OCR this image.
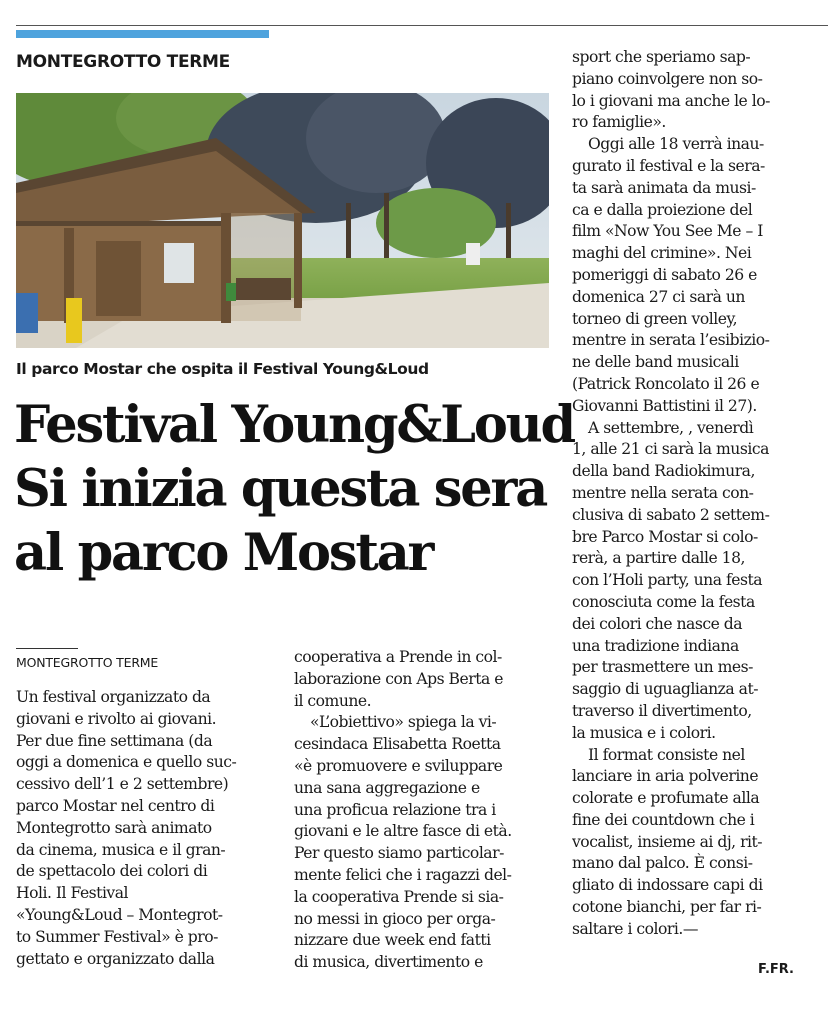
MONTEGROTTO TERME
Il parco Mostar che ospita il Festival Young&Loud
Festival Young&Loud
Si inizia questa sera
al parco Mostar
MONTEGROTTO TERME
Un festival organizzato da
giovani e rivolto ai giovani.
Per due fine settimana (da
oggi a domenica e quello suc-
cessivo dell’1 e 2 settembre)
parco Mostar nel centro di
Montegrotto sarà animato
da cinema, musica e il gran-
de spettacolo dei colori di
Holi. Il Festival
«Young&Loud – Montegrot-
to Summer Festival» è pro-
gettato e organizzato dalla
cooperativa a Prende in col-
laborazione con Aps Berta e
il comune.
«L’obiettivo» spiega la vi-
cesindaca Elisabetta Roetta
«è promuovere e sviluppare
una sana aggregazione e
una proficua relazione tra i
giovani e le altre fasce di età.
Per questo siamo particolar-
mente felici che i ragazzi del-
la cooperativa Prende si sia-
no messi in gioco per orga-
nizzare due week end fatti
di musica, divertimento e
sport che speriamo sap-
piano coinvolgere non so-
lo i giovani ma anche le lo-
ro famiglie».
Oggi alle 18 verrà inau-
gurato il festival e la sera-
ta sarà animata da musi-
ca e dalla proiezione del
film «Now You See Me – I
maghi del crimine». Nei
pomeriggi di sabato 26 e
domenica 27 ci sarà un
torneo di green volley,
mentre in serata l’esibizio-
ne delle band musicali
(Patrick Roncolato il 26 e
Giovanni Battistini il 27).
A settembre, , venerdì
1, alle 21 ci sarà la musica
della band Radiokimura,
mentre nella serata con-
clusiva di sabato 2 settem-
bre Parco Mostar si colo-
rerà, a partire dalle 18,
con l’Holi party, una festa
conosciuta come la festa
dei colori che nasce da
una tradizione indiana
per trasmettere un mes-
saggio di uguaglianza at-
traverso il divertimento,
la musica e i colori.
Il format consiste nel
lanciare in aria polverine
colorate e profumate alla
fine dei countdown che i
vocalist, insieme ai dj, rit-
mano dal palco. È consi-
gliato di indossare capi di
cotone bianchi, per far ri-
saltare i colori.—
F.FR.
